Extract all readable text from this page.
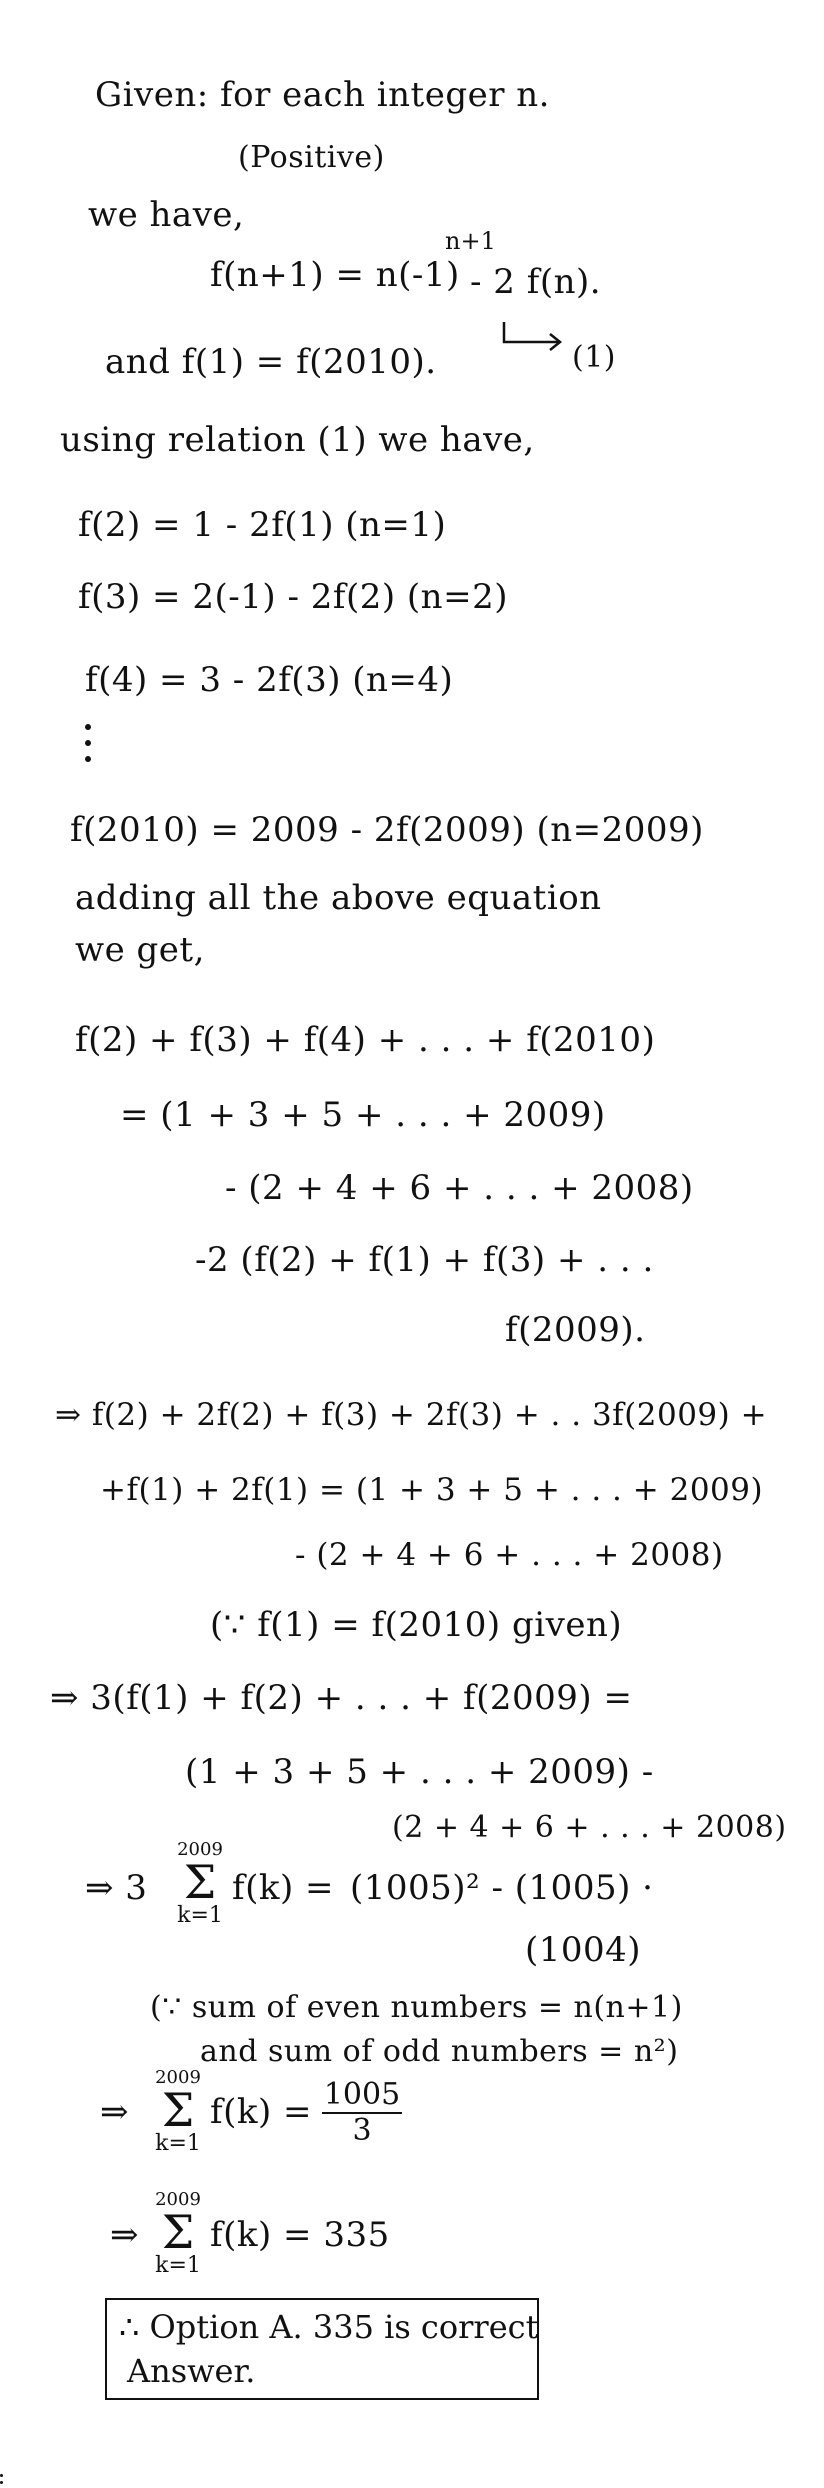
Given: for each integer n.
(Positive)
we have,
f(n+1) = n(-1)
n+1
- 2 f(n).
(1)
and f(1) = f(2010).
using relation (1) we have,
f(2) = 1 - 2f(1) (n=1)
f(3) = 2(-1) - 2f(2) (n=2)
f(4) = 3 - 2f(3) (n=4)
f(2010) = 2009 - 2f(2009) (n=2009)
adding all the above equation
we get,
f(2) + f(3) + f(4) + . . . + f(2010)
= (1 + 3 + 5 + . . . + 2009)
- (2 + 4 + 6 + . . . + 2008)
-2 (f(2) + f(1) + f(3) + . . .
f(2009).
⇒ f(2) + 2f(2) + f(3) + 2f(3) + . . 3f(2009) +
+f(1) + 2f(1) = (1 + 3 + 5 + . . . + 2009)
- (2 + 4 + 6 + . . . + 2008)
(∵ f(1) = f(2010) given)
⇒ 3(f(1) + f(2) + . . . + f(2009) =
(1 + 3 + 5 + . . . + 2009) -
(2 + 4 + 6 + . . . + 2008)
⇒ 3
2009
Σ
k=1
f(k) = (1005)² - (1005) ·
(1004)
(∵ sum of even numbers = n(n+1)
and sum of odd numbers = n²)
⇒
2009
Σ
k=1
$f(k) = \frac{1005}{3}$
⇒
2009
Σ
k=1
f(k) = 335
∴ Option A. 335 is correct
Answer.
